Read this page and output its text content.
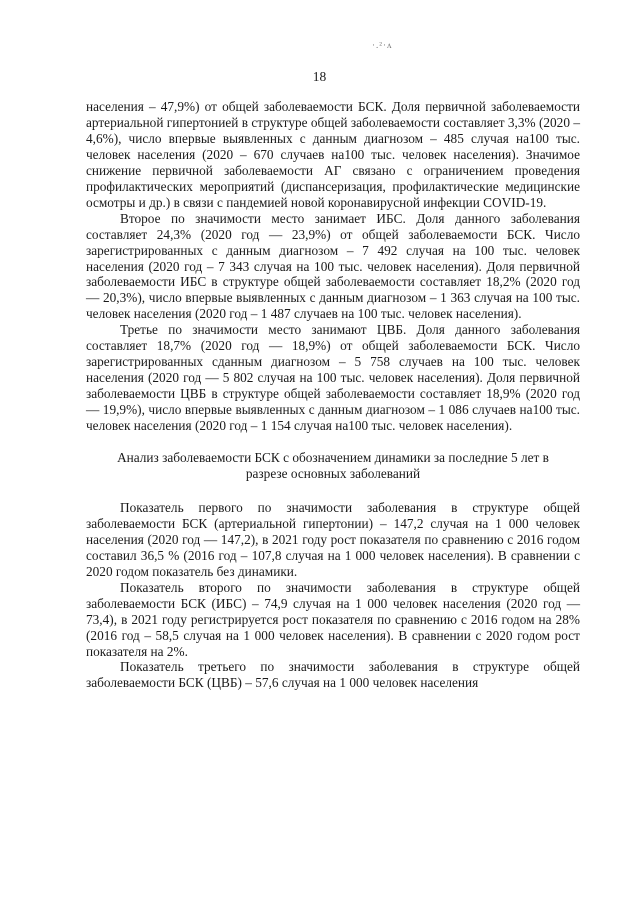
·.²·ʌ
18

населения – 47,9%) от общей заболеваемости БСК. Доля первичной заболеваемости артериальной гипертонией в структуре общей заболеваемости составляет 3,3% (2020 – 4,6%), число впервые выявленных с данным диагнозом – 485 случая на100 тыс. человек населения (2020 – 670 случаев на100 тыс. человек населения). Значимое снижение первичной заболеваемости АГ связано с ограничением проведения профилактических мероприятий (диспансеризация, профилактические медицинские осмотры и др.) в связи с пандемией новой коронавирусной инфекции COVID-19.

Второе по значимости место занимает ИБС. Доля данного заболевания составляет 24,3% (2020 год — 23,9%) от общей заболеваемости БСК. Число зарегистрированных с данным диагнозом – 7 492 случая на 100 тыс. человек населения (2020 год – 7 343 случая на 100 тыс. человек населения). Доля первичной заболеваемости ИБС в структуре общей заболеваемости составляет 18,2% (2020 год — 20,3%), число впервые выявленных с данным диагнозом – 1 363 случая на 100 тыс. человек населения (2020 год – 1 487 случаев на 100 тыс. человек населения).

Третье по значимости место занимают ЦВБ. Доля данного заболевания составляет 18,7% (2020 год — 18,9%) от общей заболеваемости БСК. Число зарегистрированных сданным диагнозом – 5 758 случаев на 100 тыс. человек населения (2020 год — 5 802 случая на 100 тыс. человек населения). Доля первичной заболеваемости ЦВБ в структуре общей заболеваемости составляет 18,9% (2020 год — 19,9%), число впервые выявленных с данным диагнозом – 1 086 случаев на100 тыс. человек населения (2020 год – 1 154 случая на100 тыс. человек населения).

Анализ заболеваемости БСК с обозначением динамики за последние 5 лет в разрезе основных заболеваний

Показатель первого по значимости заболевания в структуре общей заболеваемости БСК (артериальной гипертонии) – 147,2 случая на 1 000 человек населения (2020 год — 147,2), в 2021 году рост показателя по сравнению с 2016 годом составил 36,5 % (2016 год – 107,8 случая на 1 000 человек населения). В сравнении с 2020 годом показатель без динамики.

Показатель второго по значимости заболевания в структуре общей заболеваемости БСК (ИБС) – 74,9 случая на 1 000 человек населения (2020 год — 73,4), в 2021 году регистрируется рост показателя по сравнению с 2016 годом на 28% (2016 год – 58,5 случая на 1 000 человек населения). В сравнении с 2020 годом рост показателя на 2%.

Показатель третьего по значимости заболевания в структуре общей заболеваемости БСК (ЦВБ) – 57,6 случая на 1 000 человек населения
